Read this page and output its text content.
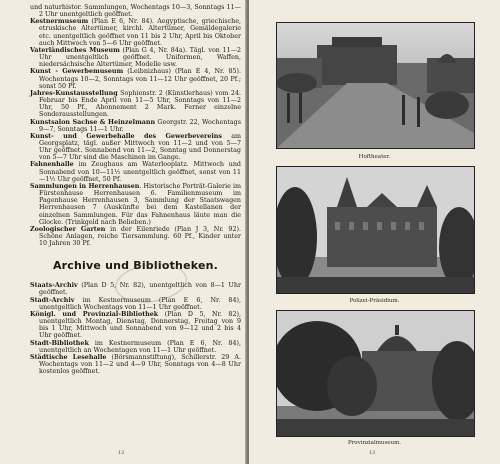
und naturhistor. Sammlungen, Wochentags 10—3, Sonntags 11—2 Uhr unentgeltlich geöffnet.

Kestnermuseum (Plan E 6, Nr. 84). Aegyptische, griechische, etruskische Altertümer, kirchl. Altertümer, Gemäldegalerie etc. unentgeltlich geöffnet von 11 bis 2 Uhr, April bis Oktober auch Mittwoch von 5—6 Uhr geöffnet.

Vaterländisches Museum (Plan G 4, Nr. 84a). Tägl. von 11—2 Uhr unentgeltlich geöffnet. Uniformen, Waffen, niedersächsische Altertümer, Modelle usw.

Kunst - Gewerbemuseum (Leibnizhaus) (Plan E 4, Nr. 85). Wochentags 10—2, Sonntags von 11—12 Uhr geöffnet, 20 Pf.; sonst 50 Pf.

Jahres-Kunstausstellung Sophienstr. 2 (Künstlerhaus) vom 24. Februar bis Ende April von 11—5 Uhr, Sonntags von 11—2 Uhr, 50 Pf., Abonnement 2 Mark. Ferner einzelne Sonderausstellungen.

Kunstsalon Sachse & Heinzelmann Georgstr. 22, Wochentags 9—7, Sonntags 11—1 Uhr.

Kunst- und Gewerbehalle des Gewerbevereins am Georgsplatz, tägl. außer Mittwoch von 11—2 und von 5—7 Uhr geöffnet. Sonnabend von 11—2, Sonntag und Donnerstag von 5—7 Uhr sind die Maschinen im Gange.

Fahnenhalle im Zeughaus am Waterlooplatz. Mittwoch und Sonnabend von 10—11½ unentgeltlich geöffnet, sonst von 11—1½ Uhr geöffnet, 50 Pf.

Sammlungen in Herrenhausen. Historische Porträt-Galerie im Fürstenhause Herrenhausen 6. Familienmuseum im Pagenhause Herrenhausen 3, Sammlung der Staatswagen Herrenhausen 7 (Auskünfte bei dem Kastellanen der einzelnen Sammlungen. Für das Fahnenhaus läute man die Glocke. (Trinkgeld nach Belieben.)

Zoologischer Garten in der Eilenriede (Plan J 3, Nr. 92). Schöne Anlagen, reiche Tiersammlung. 60 Pf., Kinder unter 10 Jahren 30 Pf.

Archive und Bibliotheken.

Staats-Archiv (Plan D 5, Nr. 82), unentgeltlich von 8—1 Uhr geöffnet.

Stadt-Archiv im Kestnermuseum (Plan E 6, Nr. 84), unentgeltlich Wochentags von 11—1 Uhr geöffnet.

Königl. und Provinzial-Bibliothek (Plan D 5, Nr. 82), unentgeltlich Montag, Dienstag, Donnerstag, Freitag von 9 bis 1 Uhr, Mittwoch und Sonnabend von 9—12 und 2 bis 4 Uhr geöffnet.

Stadt-Bibliothek im Kestnermuseum (Plan E 6, Nr. 84), unentgeltlich an Wochentagen von 11—1 Uhr geöffnet.

Städtische Lesehalle (Börsmannstiftung), Schillerstr. 29 A. Wochentags von 11—2 und 4—9 Uhr, Sonntags von 4—8 Uhr kostenlos geöffnet.

12
Hoftheater.
Polizei-Präsidium.
Provinzialmuseum.
13
